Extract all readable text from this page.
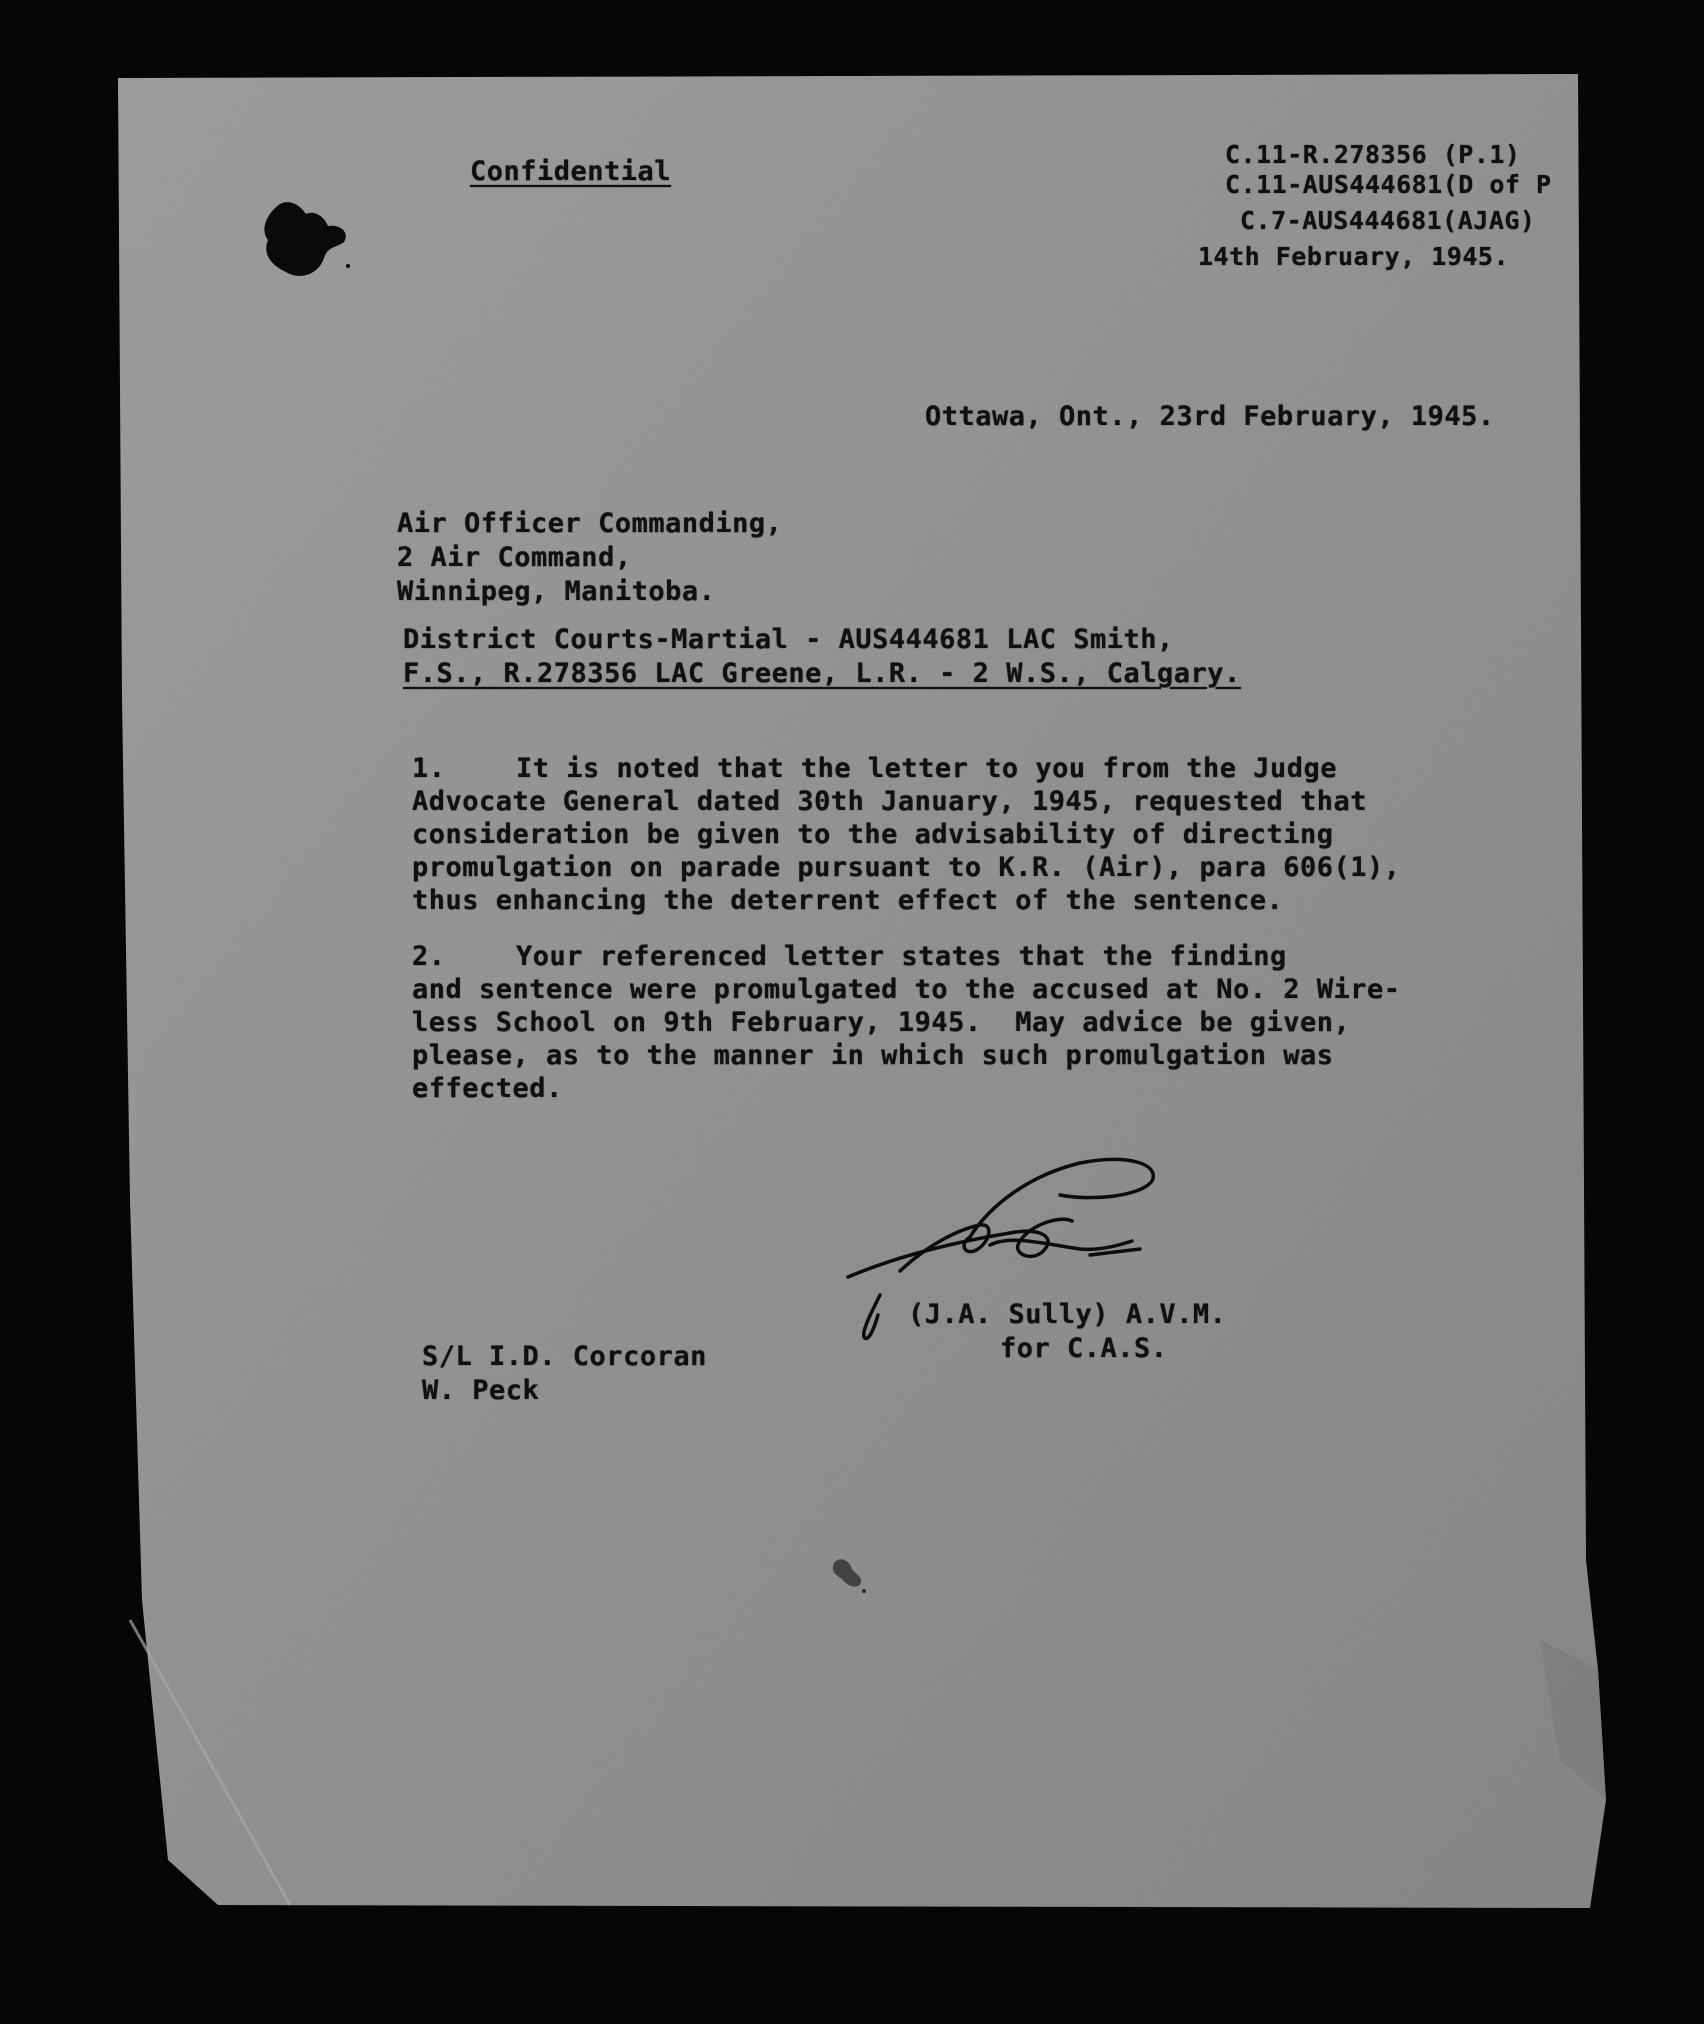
Confidential
C.11-R.278356 (P.1)
C.11-AUS444681(D of P
C.7-AUS444681(AJAG)
14th February, 1945.
Ottawa, Ont., 23rd February, 1945.
Air Officer Commanding,
2 Air Command,
Winnipeg, Manitoba.
District Courts-Martial - AUS444681 LAC Smith,
F.S., R.278356 LAC Greene, L.R. - 2 W.S., Calgary.
1.	It is noted that the letter to you from the Judge
Advocate General dated 30th January, 1945, requested that
consideration be given to the advisability of directing
promulgation on parade pursuant to K.R. (Air), para 606(1),
thus enhancing the deterrent effect of the sentence.
2.	Your referenced letter states that the finding
and sentence were promulgated to the accused at No. 2 Wire-
less School on 9th February, 1945.  May advice be given,
please, as to the manner in which such promulgation was
effected.
(J.A. Sully) A.V.M.
for C.A.S.
S/L I.D. Corcoran
W. Peck
